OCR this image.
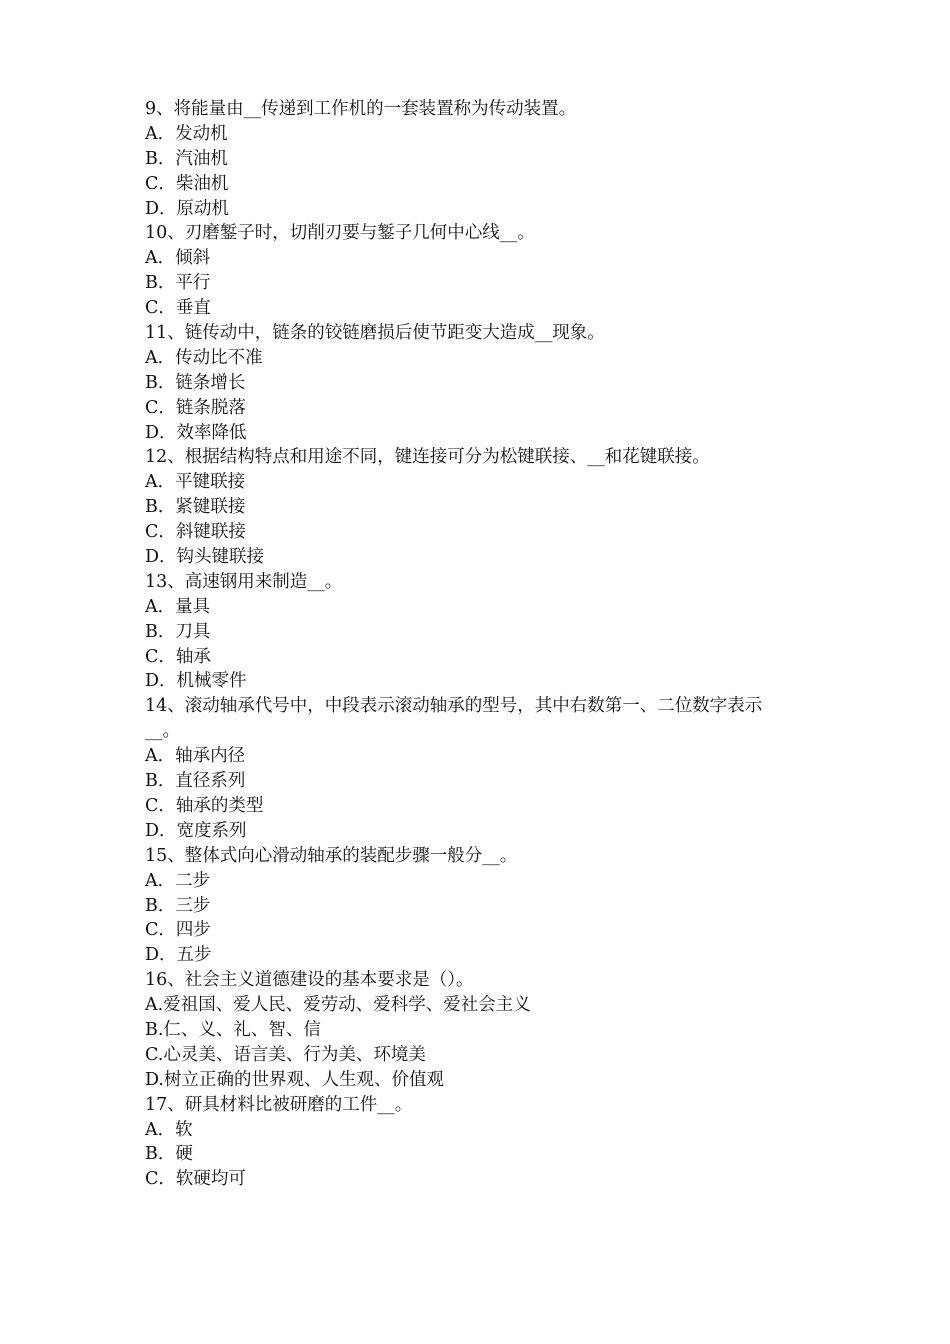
9、将能量由__传递到工作机的一套装置称为传动装置。
A．发动机
B．汽油机
C．柴油机
D．原动机
10、刃磨錾子时，切削刃要与錾子几何中心线__。
A．倾斜
B．平行
C．垂直
11、链传动中，链条的铰链磨损后使节距变大造成__现象。
A．传动比不准
B．链条增长
C．链条脱落
D．效率降低
12、根据结构特点和用途不同，键连接可分为松键联接、__和花键联接。
A．平键联接
B．紧键联接
C．斜键联接
D．钩头键联接
13、高速钢用来制造__。
A．量具
B．刀具
C．轴承
D．机械零件
14、滚动轴承代号中，中段表示滚动轴承的型号，其中右数第一、二位数字表示
__。
A．轴承内径
B．直径系列
C．轴承的类型
D．宽度系列
15、整体式向心滑动轴承的装配步骤一般分__。
A．二步
B．三步
C．四步
D．五步
16、社会主义道德建设的基本要求是（）。
A.爱祖国、爱人民、爱劳动、爱科学、爱社会主义
B.仁、义、礼、智、信
C.心灵美、语言美、行为美、环境美
D.树立正确的世界观、人生观、价值观
17、研具材料比被研磨的工件__。
A．软
B．硬
C．软硬均可
